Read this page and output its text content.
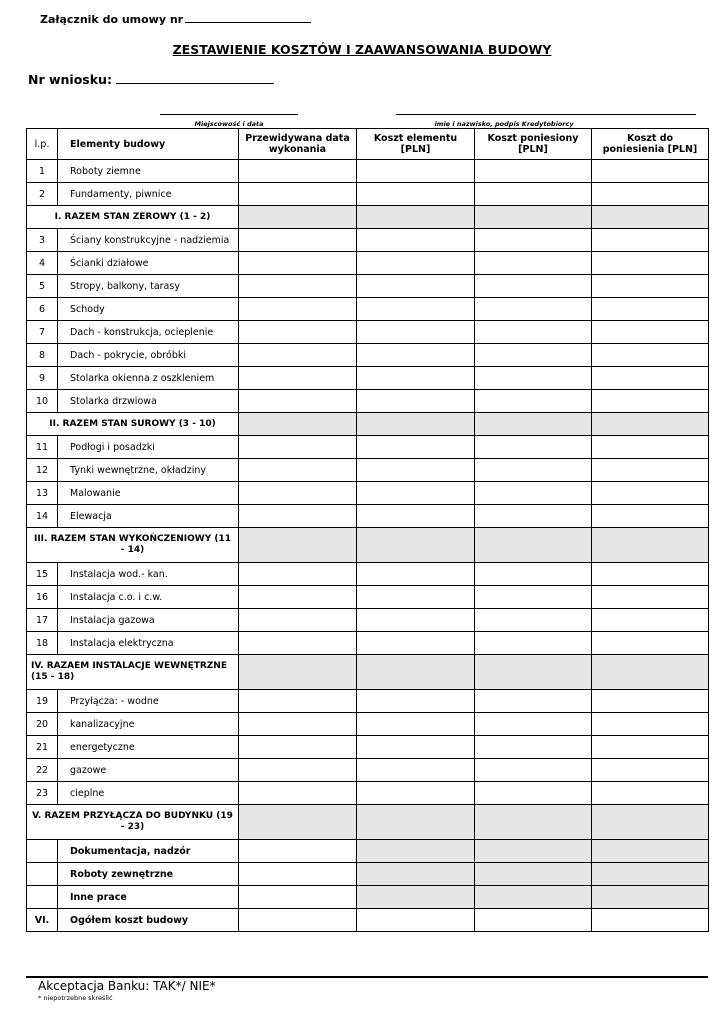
Załącznik do umowy nr
ZESTAWIENIE KOSZTÓW I ZAAWANSOWANIA BUDOWY
Nr wniosku:
Miejscowość i data	imię i nazwisko, podpis Kredytobiorcy
l.p.	Elementy budowy	Przewidywana data wykonania	Koszt elementu [PLN]	Koszt poniesiony [PLN]	Koszt do poniesienia [PLN]
1	Roboty ziemne				
2	Fundamenty, piwnice				
I. RAZEM STAN ZEROWY (1 - 2)					
3	Ściany konstrukcyjne - nadziemia				
4	Ścianki działowe				
5	Stropy, balkony, tarasy				
6	Schody				
7	Dach - konstrukcja, ocieplenie				
8	Dach - pokrycie, obróbki				
9	Stolarka okienna z oszkleniem				
10	Stolarka drzwiowa				
II. RAZEM STAN SUROWY (3 - 10)					
11	Podłogi i posadzki				
12	Tynki wewnętrzne, okładziny				
13	Malowanie				
14	Elewacja				
III. RAZEM STAN WYKOŃCZENIOWY (11 - 14)					
15	Instalacja wod.- kan.				
16	Instalacja c.o. i c.w.				
17	Instalacja gazowa				
18	Instalacja elektryczna				
IV. RAZAEM INSTALACJE WEWNĘTRZNE (15 - 18)					
19	Przyłącza: - wodne				
20	kanalizacyjne				
21	energetyczne				
22	gazowe				
23	cieplne				
V. RAZEM PRZYŁĄCZA DO BUDYNKU (19 - 23)					
	Dokumentacja, nadzór				
	Roboty zewnętrzne				
	Inne prace				
VI.	Ogółem koszt budowy				
Akceptacja Banku: TAK*/ NIE*
* niepotrzebne skreślić
